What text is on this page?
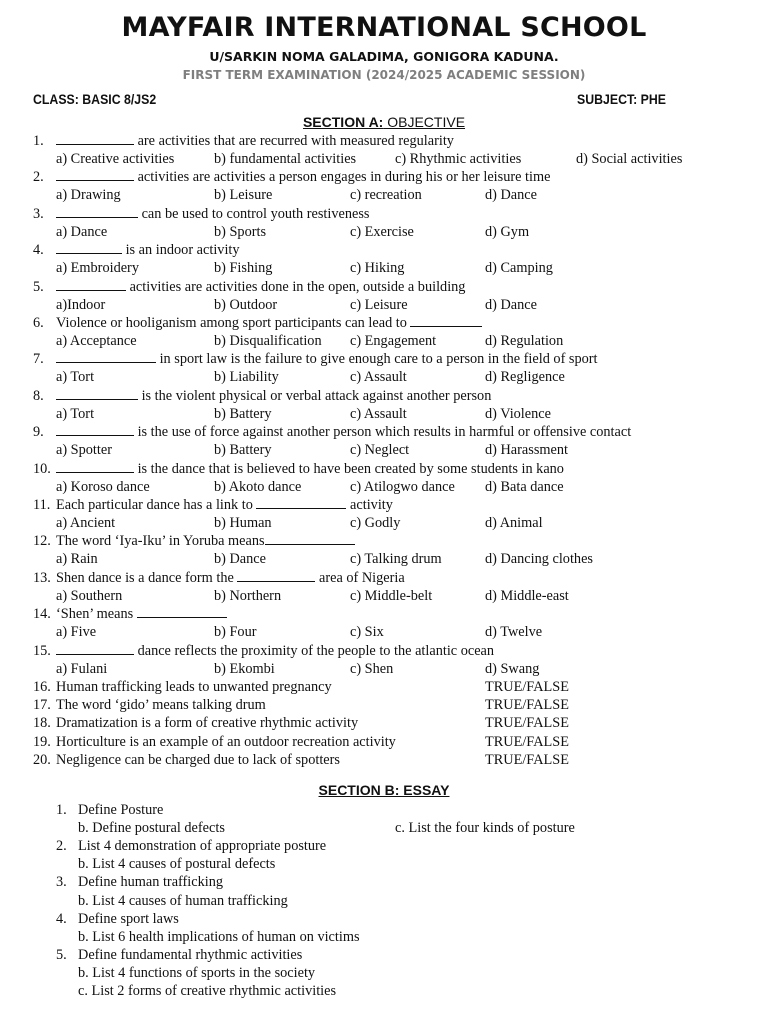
MAYFAIR INTERNATIONAL SCHOOL
U/SARKIN NOMA GALADIMA, GONIGORA KADUNA.
FIRST TERM EXAMINATION (2024/2025 ACADEMIC SESSION)
CLASS: BASIC 8/JS2	SUBJECT: PHE
SECTION A: OBJECTIVE
1.	are activities that are recurred with measured regularity
a) Creative activities	b) fundamental activities	c) Rhythmic activities	d) Social activities
2.	activities are activities a person engages in during his or her leisure time
a) Drawing	b) Leisure	c) recreation	d) Dance
3.	can be used to control youth restiveness
a) Dance	b) Sports	c) Exercise	d) Gym
4.	is an indoor activity
a) Embroidery	b) Fishing	c) Hiking	d) Camping
5.	activities are activities done in the open, outside a building
a)Indoor	b) Outdoor	c) Leisure	d) Dance
6. Violence or hooliganism among sport participants can lead to
a) Acceptance	b) Disqualification c) Engagement	d) Regulation
7.	in sport law is the failure to give enough care to a person in the field of sport
a) Tort	b) Liability	c) Assault	d) Regligence
8.	is the violent physical or verbal attack against another person
a) Tort	b) Battery	c) Assault	d) Violence
9.	is the use of force against another person which results in harmful or offensive contact
a) Spotter	b) Battery	c) Neglect	d) Harassment
10.	is the dance that is believed to have been created by some students in kano
a) Koroso dance	b) Akoto dance	c) Atilogwo dance d) Bata dance
11. Each particular dance has a link to	activity
a) Ancient	b) Human	c) Godly	d) Animal
12. The word ‘Iya-Iku’ in Yoruba means
a) Rain	b) Dance	c) Talking drum	d) Dancing clothes
13. Shen dance is a dance form the	area of Nigeria
a) Southern	b) Northern	c) Middle-belt	d) Middle-east
14. ‘Shen’ means
a) Five	b) Four	c) Six	d) Twelve
15.	dance reflects the proximity of the people to the atlantic ocean
a) Fulani	b) Ekombi	c) Shen	d) Swang
16. Human trafficking leads to unwanted pregnancy	TRUE/FALSE
17. The word ‘gido’ means talking drum	TRUE/FALSE
18. Dramatization is a form of creative rhythmic activity	TRUE/FALSE
19. Horticulture is an example of an outdoor recreation activity	TRUE/FALSE
20. Negligence can be charged due to lack of spotters	TRUE/FALSE
SECTION B: ESSAY
1. Define Posture
b. Define postural defects	c. List the four kinds of posture
2. List 4 demonstration of appropriate posture
b. List 4 causes of postural defects
3. Define human trafficking
b. List 4 causes of human trafficking
4. Define sport laws
b. List 6 health implications of human on victims
5. Define fundamental rhythmic activities
b. List 4 functions of sports in the society
c. List 2 forms of creative rhythmic activities
